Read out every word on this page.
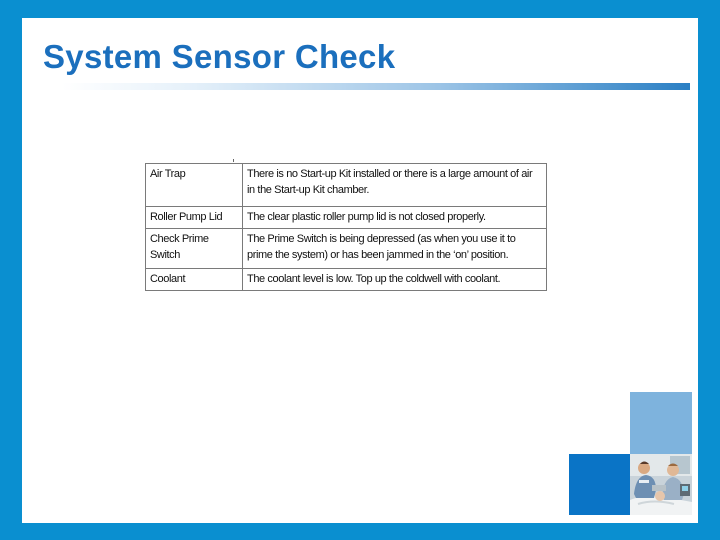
System Sensor Check
Air Trap	There is no Start-up Kit installed or there is a large amount of air in the Start-up Kit chamber.
Roller Pump Lid	The clear plastic roller pump lid is not closed properly.
Check Prime Switch	The Prime Switch is being depressed (as when you use it to prime the system) or has been jammed in the ‘on’ position.
Coolant	The coolant level is low. Top up the coldwell with coolant.
